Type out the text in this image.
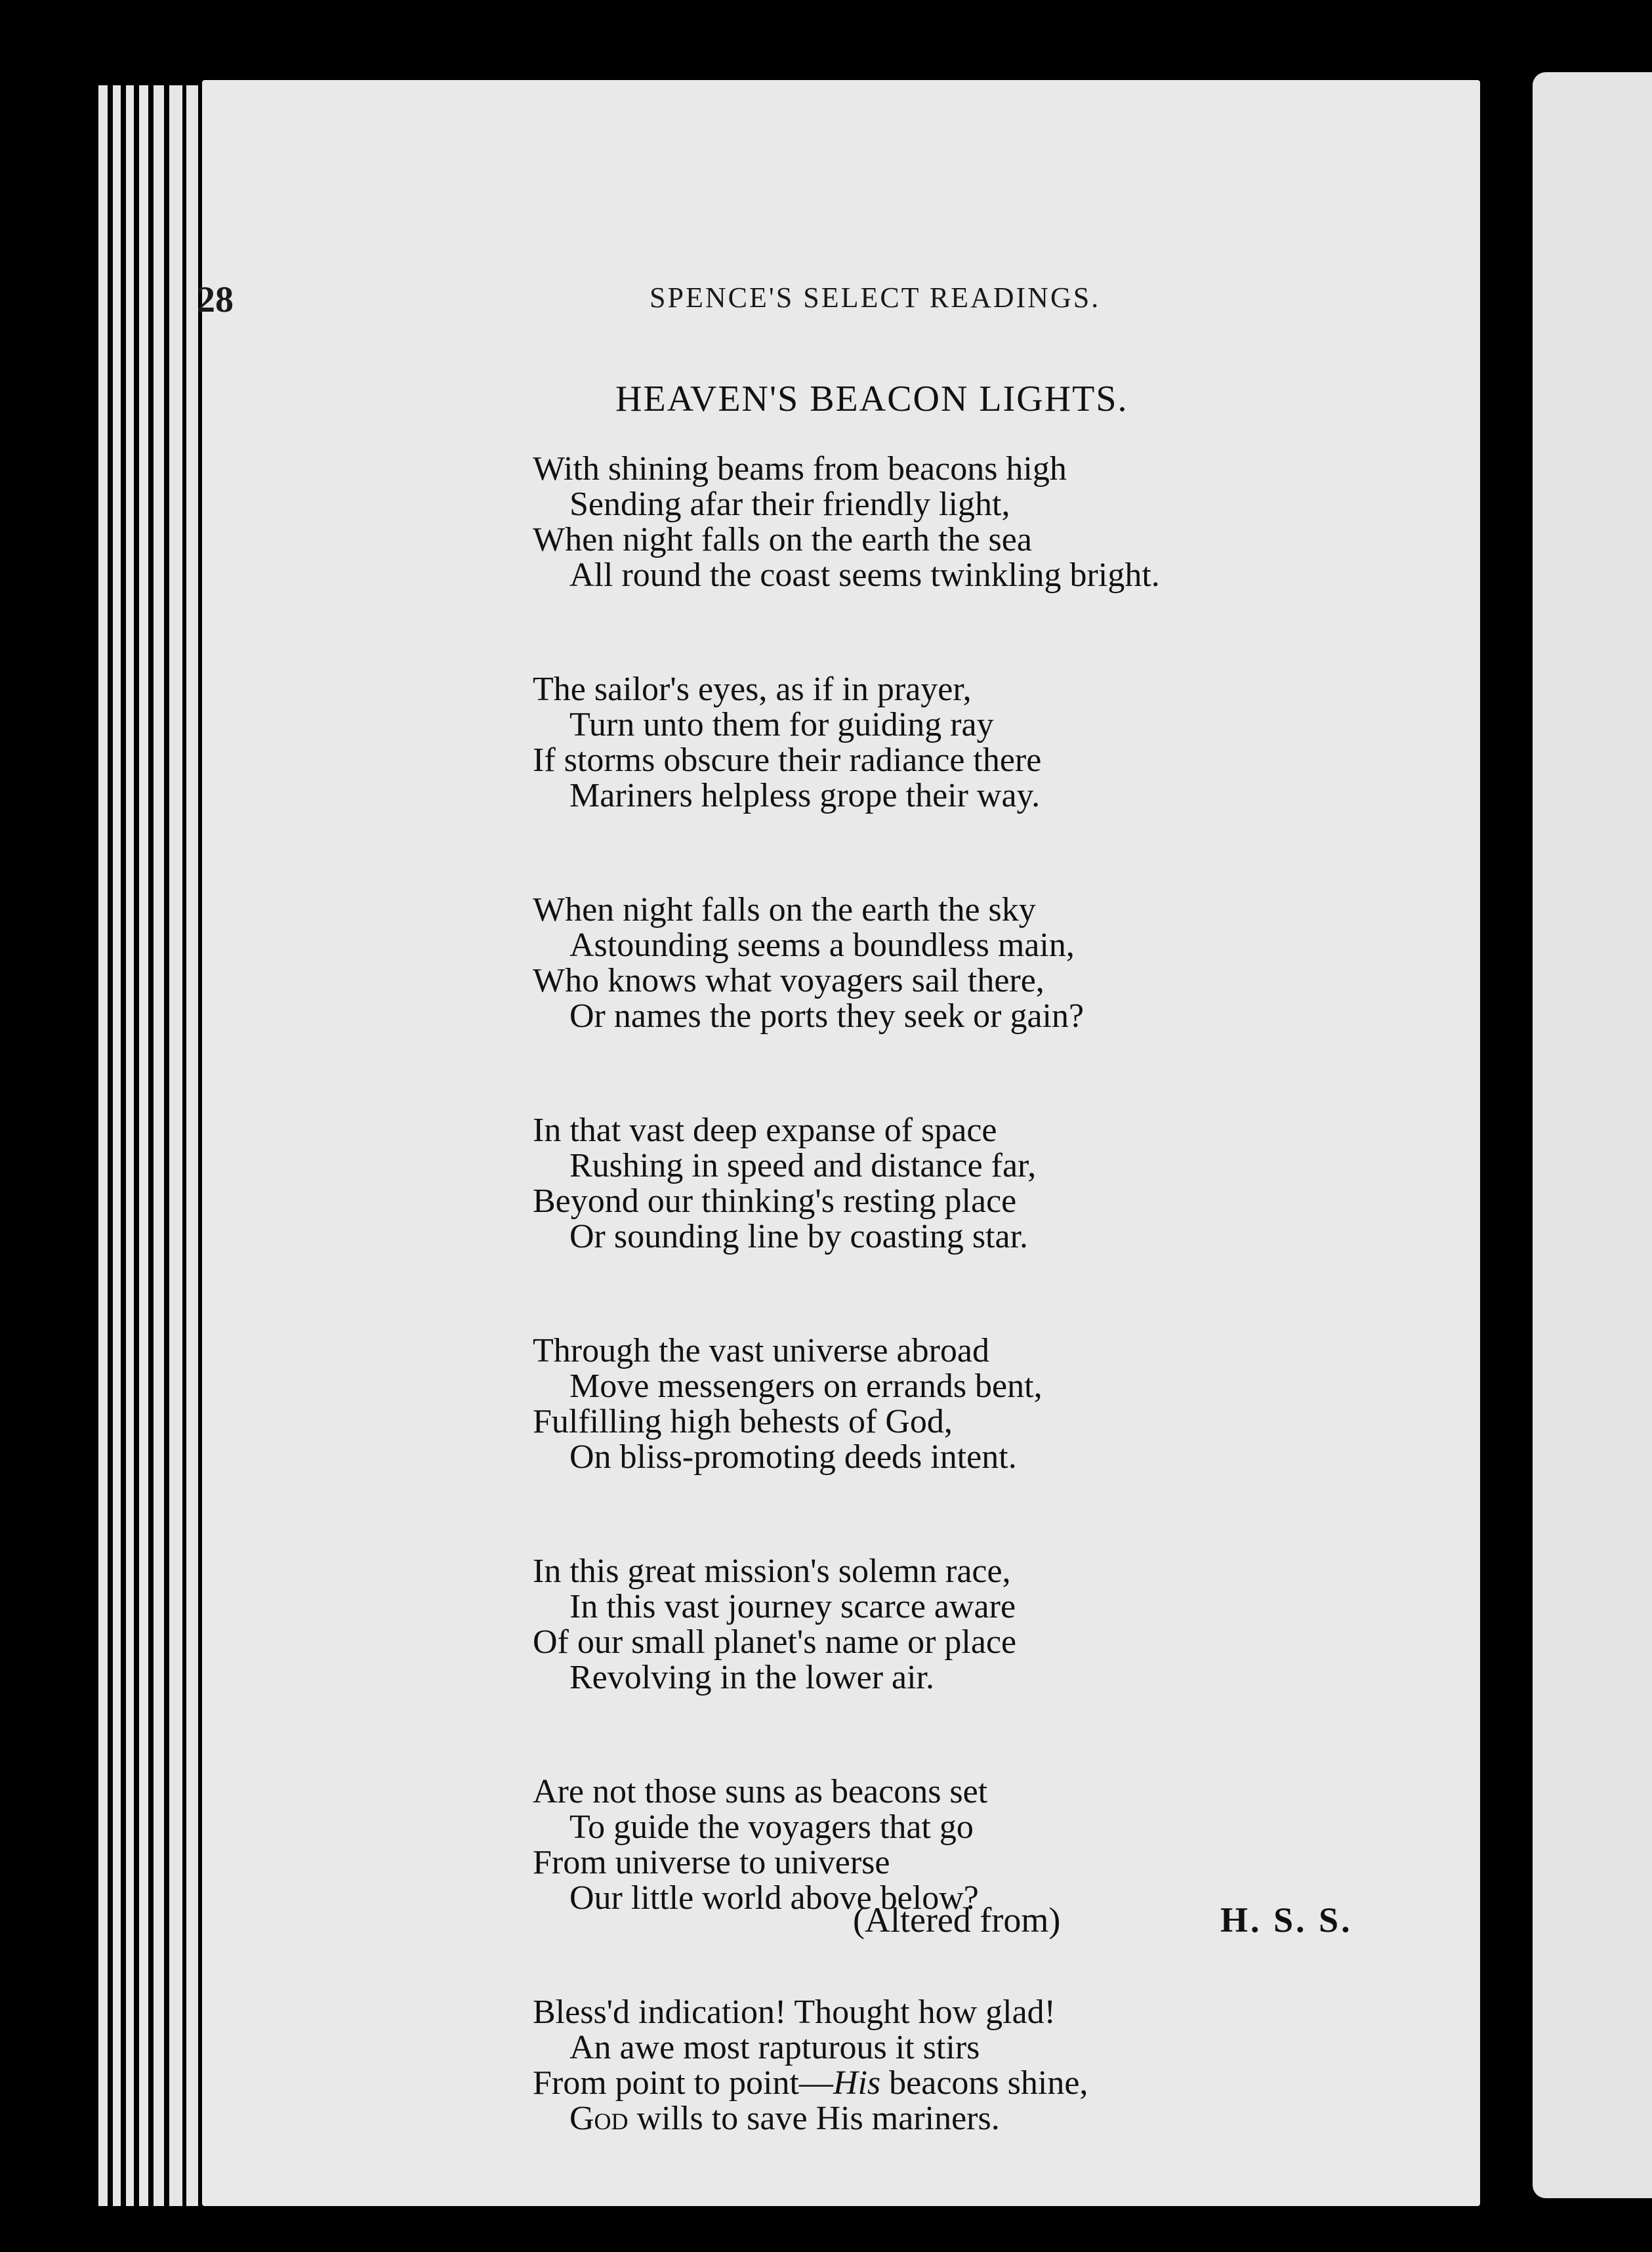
28	SPENCE'S SELECT READINGS.
HEAVEN'S BEACON LIGHTS.
With shining beams from beacons high
Sending afar their friendly light,
When night falls on the earth the sea
All round the coast seems twinkling bright.
The sailor's eyes, as if in prayer,
Turn unto them for guiding ray
If storms obscure their radiance there
Mariners helpless grope their way.
When night falls on the earth the sky
Astounding seems a boundless main,
Who knows what voyagers sail there,
Or names the ports they seek or gain?
In that vast deep expanse of space
Rushing in speed and distance far,
Beyond our thinking's resting place
Or sounding line by coasting star.
Through the vast universe abroad
Move messengers on errands bent,
Fulfilling high behests of God,
On bliss-promoting deeds intent.
In this great mission's solemn race,
In this vast journey scarce aware
Of our small planet's name or place
Revolving in the lower air.
Are not those suns as beacons set
To guide the voyagers that go
From universe to universe
Our little world above below?
Bless'd indication! Thought how glad!
An awe most rapturous it stirs
From point to point—His beacons shine,
God wills to save His mariners.
(Altered from)	H. S. S.
